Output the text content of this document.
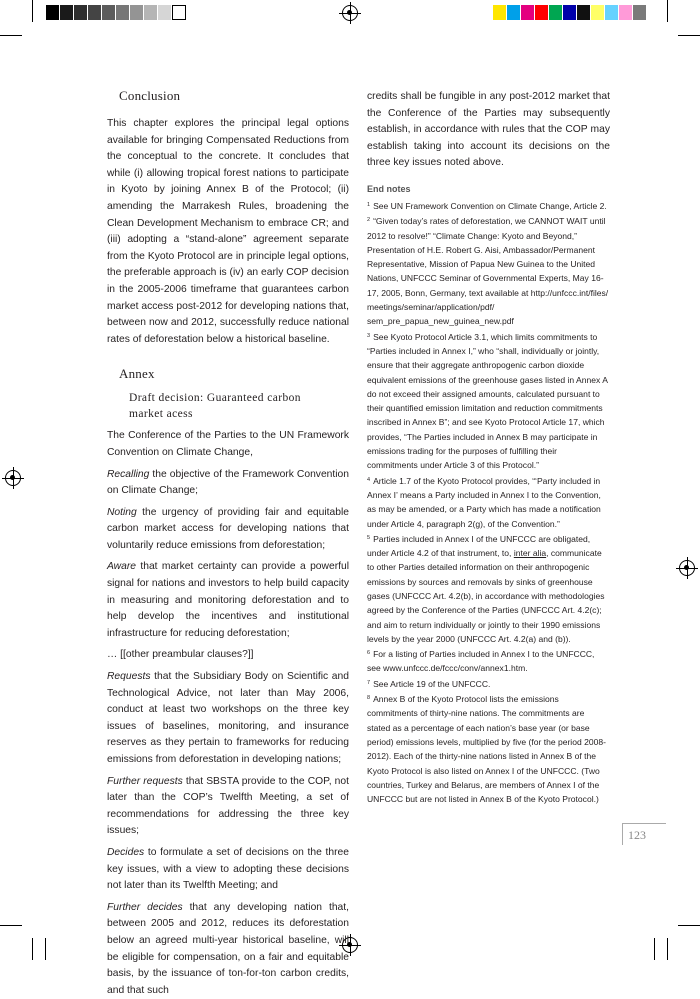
Conclusion

This chapter explores the principal legal options available for bringing Compensated Reductions from the conceptual to the concrete. It concludes that while (i) allowing tropical forest nations to participate in Kyoto by joining Annex B of the Protocol; (ii) amending the Marrakesh Rules, broadening the Clean Development Mechanism to embrace CR; and (iii) adopting a “stand-alone” agreement separate from the Kyoto Protocol are in principle legal options, the preferable approach is (iv) an early COP decision in the 2005-2006 timeframe that guarantees carbon market access post-2012 for developing nations that, between now and 2012, successfully reduce national rates of deforestation below a historical baseline.

Annex

Draft decision: Guaranteed carbon market acess

The Conference of the Parties to the UN Framework Convention on Climate Change,

Recalling the objective of the Framework Convention on Climate Change;

Noting the urgency of providing fair and equitable carbon market access for developing nations that voluntarily reduce emissions from deforestation;

Aware that market certainty can provide a powerful signal for nations and investors to help build capacity in measuring and monitoring deforestation and to help develop the incentives and institutional infrastructure for reducing deforestation;

… [[other preambular clauses?]]

Requests that the Subsidiary Body on Scientific and Technological Advice, not later than May 2006, conduct at least two workshops on the three key issues of baselines, monitoring, and insurance reserves as they pertain to frameworks for reducing emissions from deforestation in developing nations;

Further requests that SBSTA provide to the COP, not later than the COP’s Twelfth Meeting, a set of recommendations for addressing the three key issues;

Decides to formulate a set of decisions on the three key issues, with a view to adopting these decisions not later than its Twelfth Meeting; and

Further decides that any developing nation that, between 2005 and 2012, reduces its deforestation below an agreed multi-year historical baseline, will be eligible for compensation, on a fair and equitable basis, by the issuance of ton-for-ton carbon credits, and that such

credits shall be fungible in any post-2012 market that the Conference of the Parties may subsequently establish, in accordance with rules that the COP may establish taking into account its decisions on the three key issues noted above.

End notes

$^1$ See UN Framework Convention on Climate Change, Article 2.

$^2$ “Given today’s rates of deforestation, we CANNOT WAIT until 2012 to resolve!” “Climate Change: Kyoto and Beyond,” Presentation of H.E. Robert G. Aisi, Ambassador/Permanent Representative, Mission of Papua New Guinea to the United Nations, UNFCCC Seminar of Governmental Experts, May 16-17, 2005, Bonn, Germany, text available at http://unfccc.int/files/ meetings/seminar/application/pdf/ sem_pre_papua_new_guinea_new.pdf

$^3$ See Kyoto Protocol Article 3.1, which limits commitments to “Parties included in Annex I,” who “shall, individually or jointly, ensure that their aggregate anthropogenic carbon dioxide equivalent emissions of the greenhouse gases listed in Annex A do not exceed their assigned amounts, calculated pursuant to their quantified emission limitation and reduction commitments inscribed in Annex B”; and see Kyoto Protocol Article 17, which provides, “The Parties included in Annex B may participate in emissions trading for the purposes of fulfilling their commitments under Article 3 of this Protocol.”

$^4$ Article 1.7 of the Kyoto Protocol provides, “‘Party included in Annex I’ means a Party included in Annex I to the Convention, as may be amended, or a Party which has made a notification under Article 4, paragraph 2(g), of the Convention.”

$^5$ Parties included in Annex I of the UNFCCC are obligated, under Article 4.2 of that instrument, to, inter alia, communicate to other Parties detailed information on their anthropogenic emissions by sources and removals by sinks of greenhouse gases (UNFCCC Art. 4.2(b), in accordance with methodologies agreed by the Conference of the Parties (UNFCCC Art. 4.2(c); and aim to return individually or jointly to their 1990 emissions levels by the year 2000 (UNFCCC Art. 4.2(a) and (b)).

$^6$ For a listing of Parties included in Annex I to the UNFCCC, see www.unfccc.de/fccc/conv/annex1.htm.

$^7$ See Article 19 of the UNFCCC.

$^8$ Annex B of the Kyoto Protocol lists the emissions commitments of thirty-nine nations. The commitments are stated as a percentage of each nation’s base year (or base period) emissions levels, multiplied by five (for the period 2008-2012). Each of the thirty-nine nations listed in Annex B of the Kyoto Protocol is also listed on Annex I of the UNFCCC. (Two countries, Turkey and Belarus, are members of Annex I of the UNFCCC but are not listed in Annex B of the Kyoto Protocol.)

123
